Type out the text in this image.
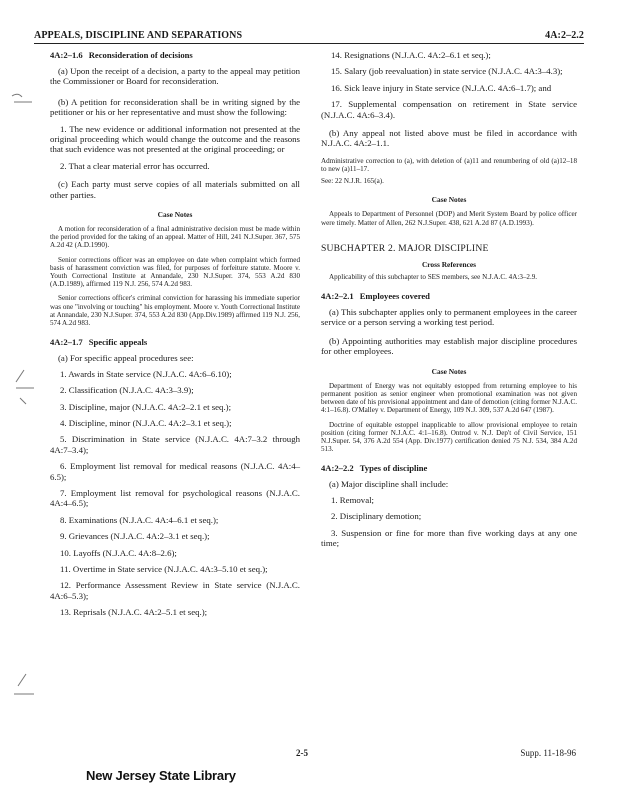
APPEALS, DISCIPLINE AND SEPARATIONS	4A:2–2.2

4A:2–1.6 Reconsideration of decisions

(a) Upon the receipt of a decision, a party to the appeal may petition the Commissioner or Board for reconsideration.

(b) A petition for reconsideration shall be in writing signed by the petitioner or his or her representative and must show the following:

1. The new evidence or additional information not presented at the original proceeding which would change the outcome and the reasons that such evidence was not presented at the original proceeding; or

2. That a clear material error has occurred.

(c) Each party must serve copies of all materials submitted on all other parties.

Case Notes

A motion for reconsideration of a final administrative decision must be made within the period provided for the taking of an appeal. Matter of Hill, 241 N.J.Super. 367, 575 A.2d 42 (A.D.1990).

Senior corrections officer was an employee on date when complaint which formed basis of harassment conviction was filed, for purposes of forfeiture statute. Moore v. Youth Correctional Institute at Annandale, 230 N.J.Super. 374, 553 A.2d 830 (A.D.1989), affirmed 119 N.J. 256, 574 A.2d 983.

Senior corrections officer's criminal conviction for harassing his immediate superior was one "involving or touching" his employment. Moore v. Youth Correctional Institute at Annandale, 230 N.J.Super. 374, 553 A.2d 830 (App.Div.1989) affirmed 119 N.J. 256, 574 A.2d 983.

4A:2–1.7 Specific appeals

(a) For specific appeal procedures see:

1. Awards in State service (N.J.A.C. 4A:6–6.10);

2. Classification (N.J.A.C. 4A:3–3.9);

3. Discipline, major (N.J.A.C. 4A:2–2.1 et seq.);

4. Discipline, minor (N.J.A.C. 4A:2–3.1 et seq.);

5. Discrimination in State service (N.J.A.C. 4A:7–3.2 through 4A:7–3.4);

6. Employment list removal for medical reasons (N.J.A.C. 4A:4–6.5);

7. Employment list removal for psychological reasons (N.J.A.C. 4A:4–6.5);

8. Examinations (N.J.A.C. 4A:4–6.1 et seq.);

9. Grievances (N.J.A.C. 4A:2–3.1 et seq.);

10. Layoffs (N.J.A.C. 4A:8–2.6);

11. Overtime in State service (N.J.A.C. 4A:3–5.10 et seq.);

12. Performance Assessment Review in State service (N.J.A.C. 4A:6–5.3);

13. Reprisals (N.J.A.C. 4A:2–5.1 et seq.);

14. Resignations (N.J.A.C. 4A:2–6.1 et seq.);

15. Salary (job reevaluation) in state service (N.J.A.C. 4A:3–4.3);

16. Sick leave injury in State service (N.J.A.C. 4A:6–1.7); and

17. Supplemental compensation on retirement in State service (N.J.A.C. 4A:6–3.4).

(b) Any appeal not listed above must be filed in accordance with N.J.A.C. 4A:2–1.1.

Administrative correction to (a), with deletion of (a)11 and renumbering of old (a)12–18 to new (a)11–17.

See: 22 N.J.R. 165(a).

Case Notes

Appeals to Department of Personnel (DOP) and Merit System Board by police officer were timely. Matter of Allen, 262 N.J.Super. 438, 621 A.2d 87 (A.D.1993).

SUBCHAPTER 2. MAJOR DISCIPLINE

Cross References

Applicability of this subchapter to SES members, see N.J.A.C. 4A:3–2.9.

4A:2–2.1 Employees covered

(a) This subchapter applies only to permanent employees in the career service or a person serving a working test period.

(b) Appointing authorities may establish major discipline procedures for other employees.

Case Notes

Department of Energy was not equitably estopped from returning employee to his permanent position as senior engineer when promotional examination was not given between date of his provisional appointment and date of demotion (citing former N.J.A.C. 4:1–16.8). O'Malley v. Department of Energy, 109 N.J. 309, 537 A.2d 647 (1987).

Doctrine of equitable estoppel inapplicable to allow provisional employee to retain position (citing former N.J.A.C. 4:1–16.8). Ontrod v. N.J. Dep't of Civil Service, 151 N.J.Super. 54, 376 A.2d 554 (App. Div.1977) certification denied 75 N.J. 534, 384 A.2d 513.

4A:2–2.2 Types of discipline

(a) Major discipline shall include:

1. Removal;

2. Disciplinary demotion;

3. Suspension or fine for more than five working days at any one time;

2-5	Supp. 11-18-96
New Jersey State Library
